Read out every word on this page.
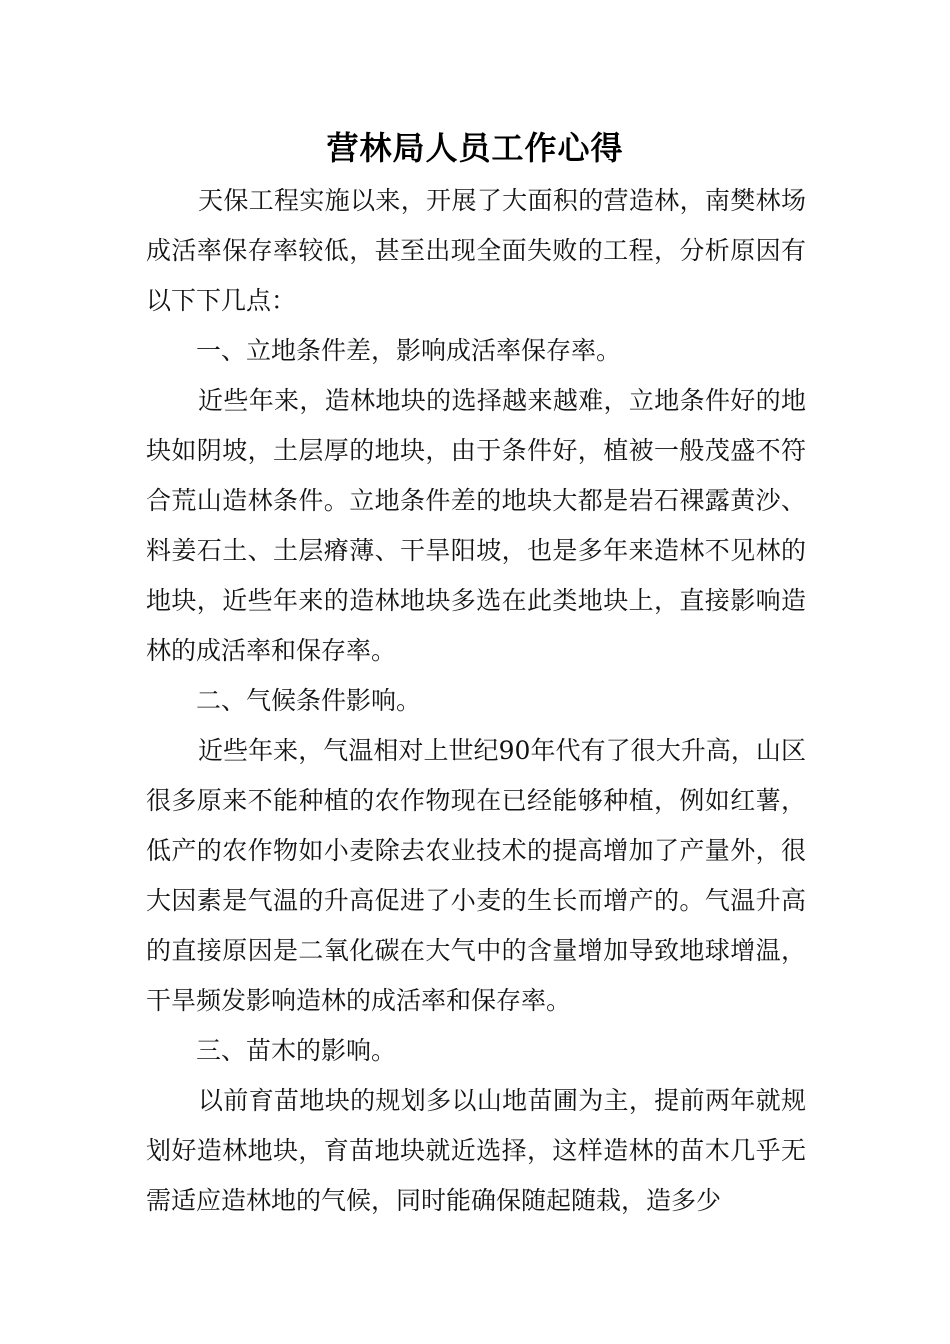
营林局人员工作心得

天保工程实施以来，开展了大面积的营造林，南樊林场成活率保存率较低，甚至出现全面失败的工程，分析原因有以下下几点：

一、立地条件差，影响成活率保存率。

近些年来，造林地块的选择越来越难，立地条件好的地块如阴坡，土层厚的地块，由于条件好，植被一般茂盛不符合荒山造林条件。立地条件差的地块大都是岩石裸露黄沙、料姜石土、土层瘠薄、干旱阳坡，也是多年来造林不见林的地块，近些年来的造林地块多选在此类地块上，直接影响造林的成活率和保存率。

二、气候条件影响。

近些年来，气温相对上世纪90年代有了很大升高，山区很多原来不能种植的农作物现在已经能够种植，例如红薯，低产的农作物如小麦除去农业技术的提高增加了产量外，很大因素是气温的升高促进了小麦的生长而增产的。气温升高的直接原因是二氧化碳在大气中的含量增加导致地球增温，干旱频发影响造林的成活率和保存率。

三、苗木的影响。

以前育苗地块的规划多以山地苗圃为主，提前两年就规划好造林地块，育苗地块就近选择，这样造林的苗木几乎无需适应造林地的气候，同时能确保随起随栽，造多少
